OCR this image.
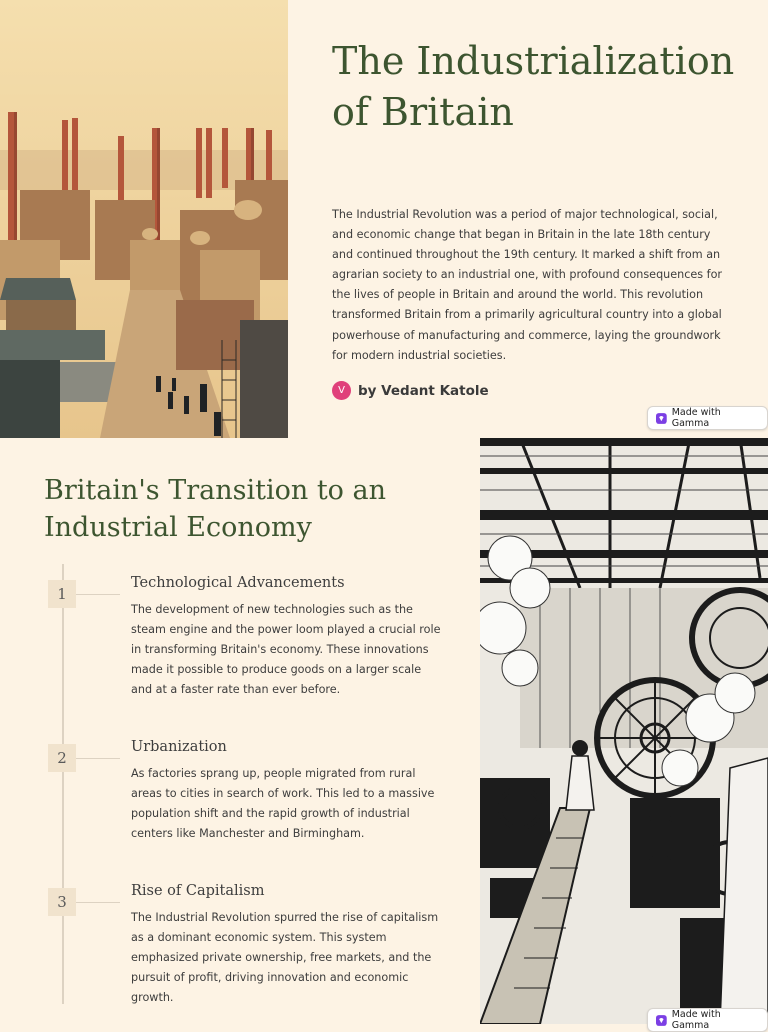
The Industrialization of Britain

The Industrial Revolution was a period of major technological, social, and economic change that began in Britain in the late 18th century and continued throughout the 19th century. It marked a shift from an agrarian society to an industrial one, with profound consequences for the lives of people in Britain and around the world. This revolution transformed Britain from a primarily agricultural country into a global powerhouse of manufacturing and commerce, laying the groundwork for modern industrial societies.

V by Vedant Katole
Made with Gamma
Britain's Transition to an Industrial Economy
1
Technological Advancements

The development of new technologies such as the steam engine and the power loom played a crucial role in transforming Britain's economy. These innovations made it possible to produce goods on a larger scale and at a faster rate than ever before.

2
Urbanization

As factories sprang up, people migrated from rural areas to cities in search of work. This led to a massive population shift and the rapid growth of industrial centers like Manchester and Birmingham.

3
Rise of Capitalism

The Industrial Revolution spurred the rise of capitalism as a dominant economic system. This system emphasized private ownership, free markets, and the pursuit of profit, driving innovation and economic growth.

Made with Gamma
